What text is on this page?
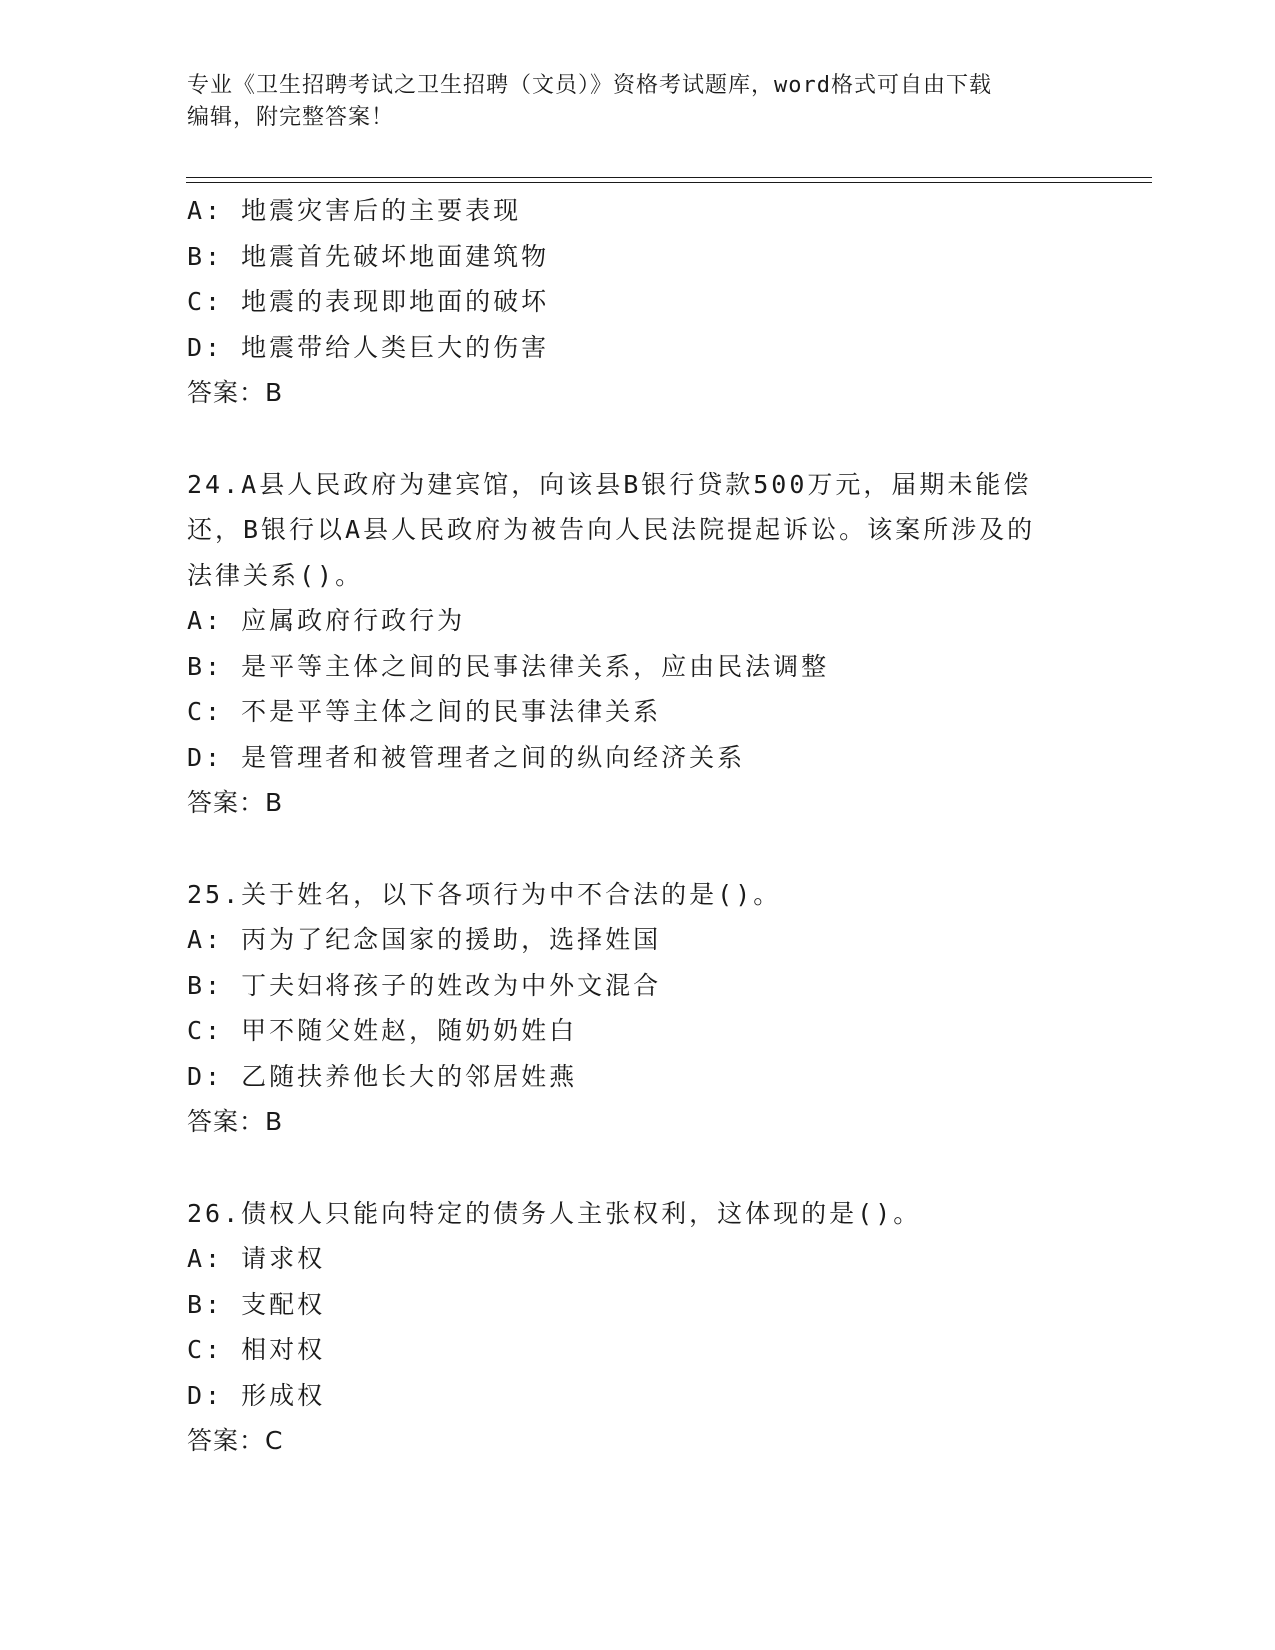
专业《卫生招聘考试之卫生招聘（文员）》资格考试题库，word格式可自由下载
编辑，附完整答案！
A: 地震灾害后的主要表现
B: 地震首先破坏地面建筑物
C: 地震的表现即地面的破坏
D: 地震带给人类巨大的伤害
答案：B
24.A县人民政府为建宾馆，向该县B银行贷款500万元，届期未能偿
还，B银行以A县人民政府为被告向人民法院提起诉讼。该案所涉及的
法律关系()。
A: 应属政府行政行为
B: 是平等主体之间的民事法律关系，应由民法调整
C: 不是平等主体之间的民事法律关系
D: 是管理者和被管理者之间的纵向经济关系
答案：B
25.关于姓名，以下各项行为中不合法的是()。
A: 丙为了纪念国家的援助，选择姓国
B: 丁夫妇将孩子的姓改为中外文混合
C: 甲不随父姓赵，随奶奶姓白
D: 乙随扶养他长大的邻居姓燕
答案：B
26.债权人只能向特定的债务人主张权利，这体现的是()。
A: 请求权
B: 支配权
C: 相对权
D: 形成权
答案：C
